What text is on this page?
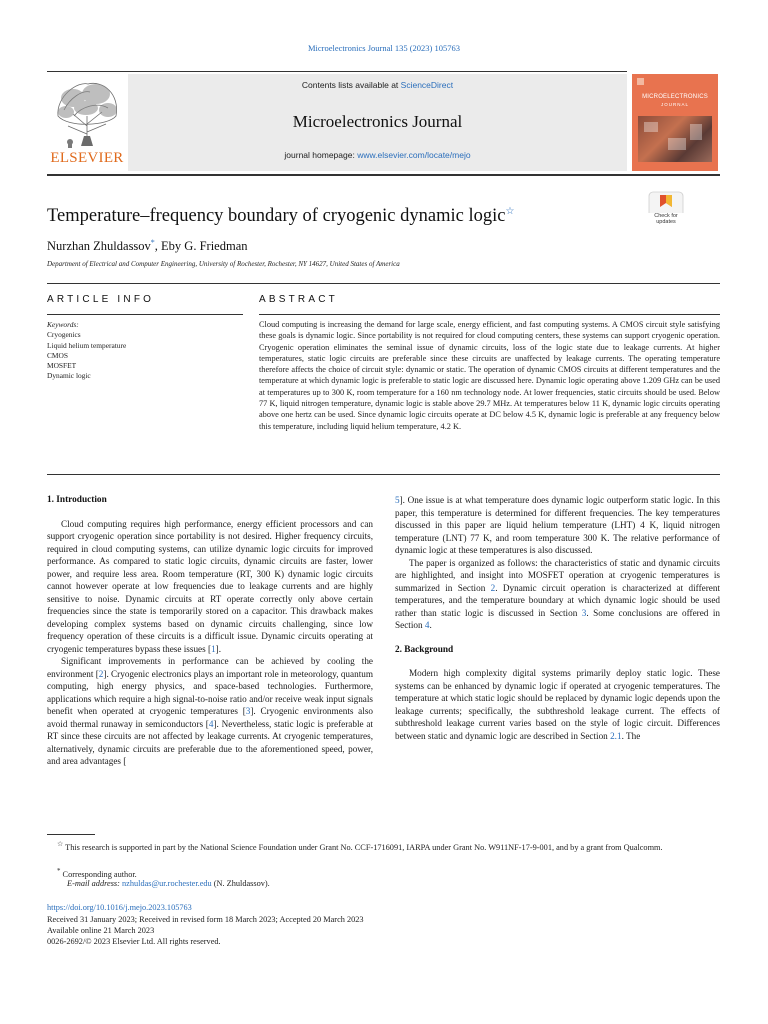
Microelectronics Journal 135 (2023) 105763
ELSEVIER
Contents lists available at ScienceDirect
Microelectronics Journal
journal homepage: www.elsevier.com/locate/mejo
MICROELECTRONICS
JOURNAL
Temperature–frequency boundary of cryogenic dynamic logic☆
Nurzhan Zhuldassov*, Eby G. Friedman
Department of Electrical and Computer Engineering, University of Rochester, Rochester, NY 14627, United States of America
Check for updates
ARTICLE INFO	ABSTRACT
Keywords:
Cryogenics
Liquid helium temperature
CMOS
MOSFET
Dynamic logic
Cloud computing is increasing the demand for large scale, energy efficient, and fast computing systems. A CMOS circuit style satisfying these goals is dynamic logic. Since portability is not required for cloud computing centers, these systems can support cryogenic operation. Cryogenic operation eliminates the seminal issue of dynamic circuits, loss of the logic state due to leakage currents. At higher temperatures, static logic circuits are preferable since these circuits are unaffected by leakage currents. The operating temperature therefore affects the choice of circuit style: dynamic or static. The operation of dynamic CMOS circuits at different temperatures and the temperature at which dynamic logic is preferable to static logic are discussed here. Dynamic logic operating above 1.209 GHz can be used at temperatures up to 300 K, room temperature for a 160 nm technology node. At lower frequencies, static circuits should be used. Below 77 K, liquid nitrogen temperature, dynamic logic is stable above 29.7 MHz. At temperatures below 11 K, dynamic logic circuits operating above one hertz can be used. Since dynamic logic circuits operate at DC below 4.5 K, dynamic logic is preferable at any frequency below this temperature, including liquid helium temperature, 4.2 K.
1. Introduction

Cloud computing requires high performance, energy efficient processors and can support cryogenic operation since portability is not desired. Higher frequency circuits, required in cloud computing systems, can utilize dynamic logic circuits for improved performance. As compared to static logic circuits, dynamic circuits are faster, lower power, and require less area. Room temperature (RT, 300 K) dynamic logic circuits cannot however operate at low frequencies due to leakage currents and are highly sensitive to noise. Dynamic circuits at RT operate correctly only above certain frequencies since the state is temporarily stored on a capacitor. This drawback makes developing complex systems based on dynamic circuits challenging, since low frequency operation of these circuits is a difficult issue. Dynamic circuits operating at cryogenic temperatures bypass these issues [1].

Significant improvements in performance can be achieved by cooling the environment [2]. Cryogenic electronics plays an important role in meteorology, quantum computing, high energy physics, and space-based technologies. Furthermore, applications which require a high signal-to-noise ratio and/or receive weak input signals benefit when operated at cryogenic temperatures [3]. Cryogenic environments also avoid thermal runaway in semiconductors [4]. Nevertheless, static logic is preferable at RT since these circuits are not affected by leakage currents. At cryogenic temperatures, alternatively, dynamic circuits are preferable due to the aforementioned speed, power, and area advantages [

5]. One issue is at what temperature does dynamic logic outperform static logic. In this paper, this temperature is determined for different frequencies. The key temperatures discussed in this paper are liquid helium temperature (LHT) 4 K, liquid nitrogen temperature (LNT) 77 K, and room temperature 300 K. The relative performance of dynamic logic at these temperatures is also discussed.

The paper is organized as follows: the characteristics of static and dynamic circuits are highlighted, and insight into MOSFET operation at cryogenic temperatures is summarized in Section 2. Dynamic circuit operation is characterized at different temperatures, and the temperature boundary at which dynamic logic should be used rather than static logic is discussed in Section 3. Some conclusions are offered in Section 4.

2. Background

Modern high complexity digital systems primarily deploy static logic. These systems can be enhanced by dynamic logic if operated at cryogenic temperatures. The temperature at which static logic should be replaced by dynamic logic depends upon the leakage currents; specifically, the subthreshold leakage current. The effects of subthreshold leakage current varies based on the style of logic circuit. Differences between static and dynamic logic are described in Section 2.1. The

☆ This research is supported in part by the National Science Foundation under Grant No. CCF-1716091, IARPA under Grant No. W911NF-17-9-001, and by a grant from Qualcomm.
* Corresponding author.
E-mail address: nzhuldas@ur.rochester.edu (N. Zhuldassov).
https://doi.org/10.1016/j.mejo.2023.105763
Received 31 January 2023; Received in revised form 18 March 2023; Accepted 20 March 2023
Available online 21 March 2023
0026-2692/© 2023 Elsevier Ltd. All rights reserved.
